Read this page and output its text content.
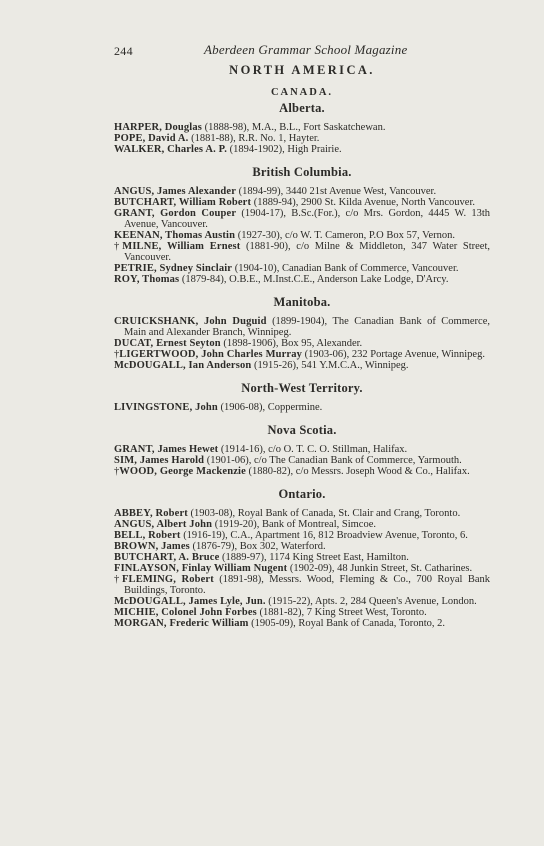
244	Aberdeen Grammar School Magazine
NORTH AMERICA.
CANADA.
Alberta.
HARPER, Douglas (1888-98), M.A., B.L., Fort Saskatchewan.
POPE, David A. (1881-88), R.R. No. 1, Hayter.
WALKER, Charles A. P. (1894-1902), High Prairie.
British Columbia.
ANGUS, James Alexander (1894-99), 3440 21st Avenue West, Vancouver.
BUTCHART, William Robert (1889-94), 2900 St. Kilda Avenue, North Vancouver.
GRANT, Gordon Couper (1904-17), B.Sc.(For.), c/o Mrs. Gordon, 4445 W. 13th Avenue, Vancouver.
KEENAN, Thomas Austin (1927-30), c/o W. T. Cameron, P.O Box 57, Vernon.
†MILNE, William Ernest (1881-90), c/o Milne & Middleton, 347 Water Street, Vancouver.
PETRIE, Sydney Sinclair (1904-10), Canadian Bank of Commerce, Vancouver.
ROY, Thomas (1879-84), O.B.E., M.Inst.C.E., Anderson Lake Lodge, D'Arcy.
Manitoba.
CRUICKSHANK, John Duguid (1899-1904), The Canadian Bank of Commerce, Main and Alexander Branch, Winnipeg.
DUCAT, Ernest Seyton (1898-1906), Box 95, Alexander.
†LIGERTWOOD, John Charles Murray (1903-06), 232 Portage Avenue, Winnipeg.
McDOUGALL, Ian Anderson (1915-26), 541 Y.M.C.A., Winnipeg.
North-West Territory.
LIVINGSTONE, John (1906-08), Coppermine.
Nova Scotia.
GRANT, James Hewet (1914-16), c/o O. T. C. O. Stillman, Halifax.
SIM, James Harold (1901-06), c/o The Canadian Bank of Commerce, Yarmouth.
†WOOD, George Mackenzie (1880-82), c/o Messrs. Joseph Wood & Co., Halifax.
Ontario.
ABBEY, Robert (1903-08), Royal Bank of Canada, St. Clair and Crang, Toronto.
ANGUS, Albert John (1919-20), Bank of Montreal, Simcoe.
BELL, Robert (1916-19), C.A., Apartment 16, 812 Broadview Avenue, Toronto, 6.
BROWN, James (1876-79), Box 302, Waterford.
BUTCHART, A. Bruce (1889-97), 1174 King Street East, Hamilton.
FINLAYSON, Finlay William Nugent (1902-09), 48 Junkin Street, St. Catharines.
†FLEMING, Robert (1891-98), Messrs. Wood, Fleming & Co., 700 Royal Bank Buildings, Toronto.
McDOUGALL, James Lyle, Jun. (1915-22), Apts. 2, 284 Queen's Avenue, London.
MICHIE, Colonel John Forbes (1881-82), 7 King Street West, Toronto.
MORGAN, Frederic William (1905-09), Royal Bank of Canada, Toronto, 2.
